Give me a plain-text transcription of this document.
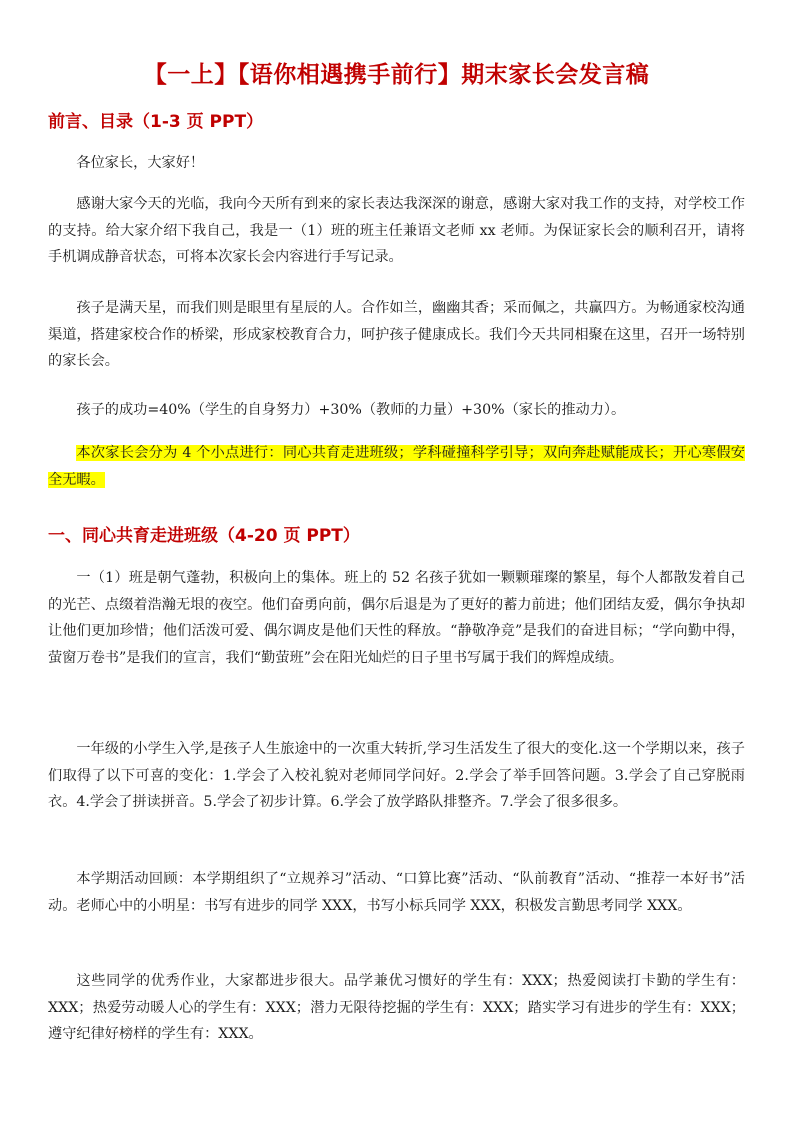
【一上】【语你相遇携手前行】期末家长会发言稿
前言、目录（1-3 页 PPT）

各位家长，大家好！

感谢大家今天的光临，我向今天所有到来的家长表达我深深的谢意，感谢大家对我工作的支持，对学校工作的支持。给大家介绍下我自己，我是一（1）班的班主任兼语文老师 xx 老师。为保证家长会的顺利召开，请将手机调成静音状态，可将本次家长会内容进行手写记录。

孩子是满天星，而我们则是眼里有星辰的人。合作如兰，幽幽其香；采而佩之，共赢四方。为畅通家校沟通渠道，搭建家校合作的桥梁，形成家校教育合力，呵护孩子健康成长。我们今天共同相聚在这里，召开一场特别的家长会。

孩子的成功=40%（学生的自身努力）+30%（教师的力量）+30%（家长的推动力）。

本次家长会分为 4 个小点进行：同心共育走进班级；学科碰撞科学引导；双向奔赴赋能成长；开心寒假安全无暇。

一、同心共育走进班级（4-20 页 PPT）

一（1）班是朝气蓬勃，积极向上的集体。班上的 52 名孩子犹如一颗颗璀璨的繁星，每个人都散发着自己的光芒、点缀着浩瀚无垠的夜空。他们奋勇向前，偶尔后退是为了更好的蓄力前进；他们团结友爱，偶尔争执却让他们更加珍惜；他们活泼可爱、偶尔调皮是他们天性的释放。“静敬净竞”是我们的奋进目标；“学向勤中得，萤窗万卷书”是我们的宣言，我们“勤萤班”会在阳光灿烂的日子里书写属于我们的辉煌成绩。

一年级的小学生入学,是孩子人生旅途中的一次重大转折,学习生活发生了很大的变化.这一个学期以来，孩子们取得了以下可喜的变化：1.学会了入校礼貌对老师同学问好。2.学会了举手回答问题。3.学会了自己穿脱雨衣。4.学会了拼读拼音。5.学会了初步计算。6.学会了放学路队排整齐。7.学会了很多很多。

本学期活动回顾：本学期组织了“立规养习”活动、“口算比赛”活动、“队前教育”活动、“推荐一本好书”活动。老师心中的小明星：书写有进步的同学 XXX，书写小标兵同学 XXX，积极发言勤思考同学 XXX。

这些同学的优秀作业，大家都进步很大。品学兼优习惯好的学生有：XXX；热爱阅读打卡勤的学生有：XXX；热爱劳动暖人心的学生有：XXX；潜力无限待挖掘的学生有：XXX；踏实学习有进步的学生有：XXX；遵守纪律好榜样的学生有：XXX。
